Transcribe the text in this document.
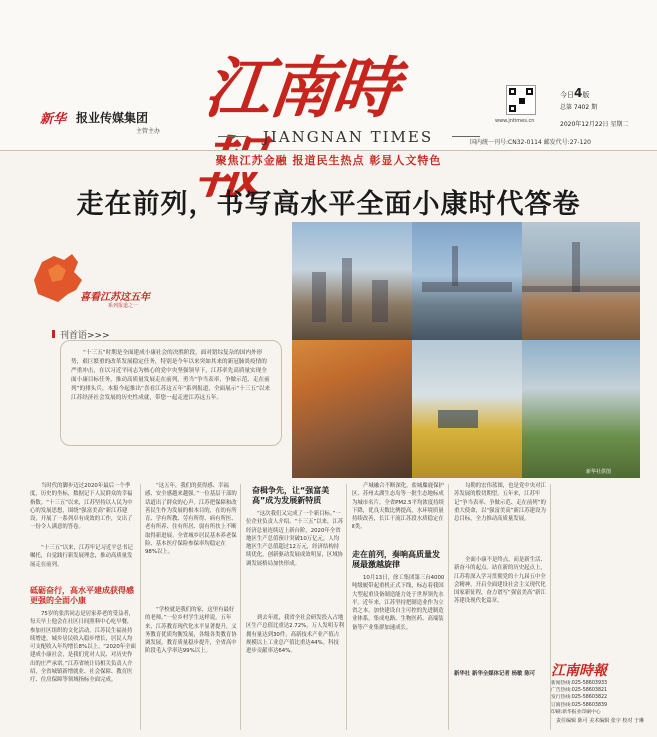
新华 报业传媒集团
主管主办
江南時報
JIANGNAN TIMES
www.jntimes.cn
今日4版
总第 7402 期
2020年12月22日 星期二
国内统一刊号:CN32-0114 邮发代号:27-120
聚焦江苏金融 报道民生热点 彰显人文特色
走在前列，书写高水平全面小康时代答卷
喜看江苏这五年
系列报道之一
刊首语>>>
“十三五”时期是全面建成小康社会的决胜阶段，面对错综复杂的国内外形势，艰巨繁重的改革发展稳定任务，特别是今年以来突如其来的新冠肺炎疫情的严重冲击，在以习近平同志为核心的党中央坚强领导下，江苏率先高质量实现全面小康目标任务，推动高质量发展走在前列，勇当“争当表率、争做示范、走在前列”的排头兵。本报今起推出“喜看江苏这五年”系列报道，全面展示“十三五”以来江苏经济社会发展的历史性成就，带您一起走进江苏这五年。
新华社供图
当时代的脚步迈过2020年最后一个季度，历史的坐标，数据记下人民群众的幸福指数。“十三五”以来，江苏坚持以人民为中心的发展思想，围绕“强富美高”新江苏建设，开展了一系列卓有成效的工作，交出了一份令人满意的答卷。
“十三五”以来，江苏牢记习近平总书记嘱托，自觉践行新发展理念，推动高质量发展走在前列。
砥砺奋行，高水平建成获得感更强的全面小康
75岁的张洪同志是居家养老的受益者，每天早上他会在社区日间照料中心吃早餐，参加社区组织的文化活动。江苏民生福祉持续增进，城乡居民收入稳步增长，居民人均可支配收入年均增长8%以上。“2020年全面建成小康社会，是我们党对人民、对历史作出的庄严承诺。”江苏省统计局相关负责人介绍，全省城镇新增就业、社会保障、教育医疗、住房保障等领域指标全面完成。
“这五年，我们的获得感、幸福感、安全感越来越强。”一位基层干部的话道出了群众的心声。江苏把保障和改善民生作为发展的根本目的，在幼有所育、学有所教、劳有所得、病有所医、老有所养、住有所居、弱有所扶上不断取得新进展。全省城乡居民基本养老保险、基本医疗保险参保率均稳定在98%以上。
“学校就是我们的家，这里有最好的老师。”一位乡村学生这样说。五年来，江苏教育现代化水平显著提升，义务教育优质均衡发展，各级各类教育协调发展，教育质量稳步提升，全省高中阶段毛入学率达99%以上。
奋楫争先，让“强富美高”成为发展新特质
“这次我们又完成了一个新目标。”一位企业负责人介绍。“十三五”以来，江苏经济总量连续迈上新台阶，2020年全省地区生产总值预计突破10万亿元，人均地区生产总值超过12万元，经济结构持续优化，创新驱动发展成效明显，区域协调发展格局加快形成。
到去年底，我省全社会研发投入占地区生产总值比重达2.72%，万人发明专利拥有量达到30件，高新技术产业产值占规模以上工业总产值比重达44%。科技进步贡献率达64%。
产城融合不断深化，盐城麋鹿保护区、苏州太湖生态岛等一批生态地标成为城市名片。全省PM2.5平均浓度持续下降，优良天数比例提高，水环境质量持续改善，长江干流江苏段水质稳定在Ⅱ类。
走在前列，奏响高质量发展最激越旋律
10月13日，徐工集团第三台4000吨级履带起重机正式下线，标志着我国大型起重设备制造能力处于世界领先水平。近年来，江苏坚持把制造业作为立省之本，加快建设自主可控的先进制造业体系，集成电路、生物医药、高端装备等产业集群加速成长。
勾勒的宏伟蓝图，也是党中央对江苏发展的殷切期望。五年来，江苏牢记“争当表率、争做示范、走在前列”的重大使命，以“强富美高”新江苏建设为总目标，全力推动高质量发展。
全面小康不是终点，而是新生活、新奋斗的起点。站在新的历史起点上，江苏将深入学习贯彻党的十九届五中全会精神，开启全面建设社会主义现代化国家新征程，奋力谱写“强富美高”新江苏建设现代化篇章。
新华社 新华全媒体记者 杨敏 陈可	江南時報
新闻热线:025-58603933
广告热线:025-58603821
发行热线:025-58603822
订阅热线:025-58603839
印刷:新华报业印刷中心
责任编辑 陈可 美术编辑 张宇 校对 于琳
